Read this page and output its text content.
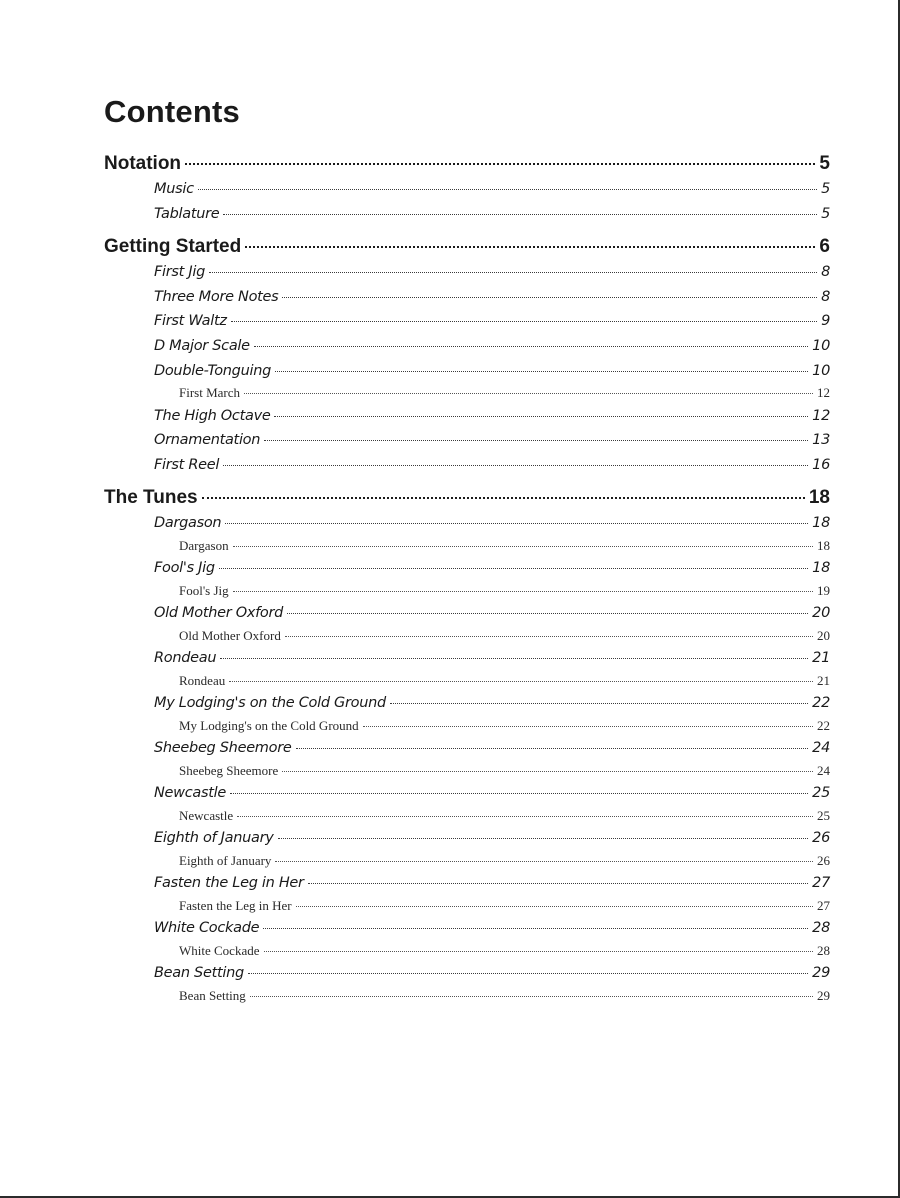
Contents
Notation	5
Music	5
Tablature	5
Getting Started	6
First Jig	8
Three More Notes	8
First Waltz	9
D Major Scale	10
Double-Tonguing	10
First March	12
The High Octave	12
Ornamentation	13
First Reel	16
The Tunes	18
Dargason	18
Dargason	18
Fool's Jig	18
Fool's Jig	19
Old Mother Oxford	20
Old Mother Oxford	20
Rondeau	21
Rondeau	21
My Lodging's on the Cold Ground	22
My Lodging's on the Cold Ground	22
Sheebeg Sheemore	24
Sheebeg Sheemore	24
Newcastle	25
Newcastle	25
Eighth of January	26
Eighth of January	26
Fasten the Leg in Her	27
Fasten the Leg in Her	27
White Cockade	28
White Cockade	28
Bean Setting	29
Bean Setting	29
